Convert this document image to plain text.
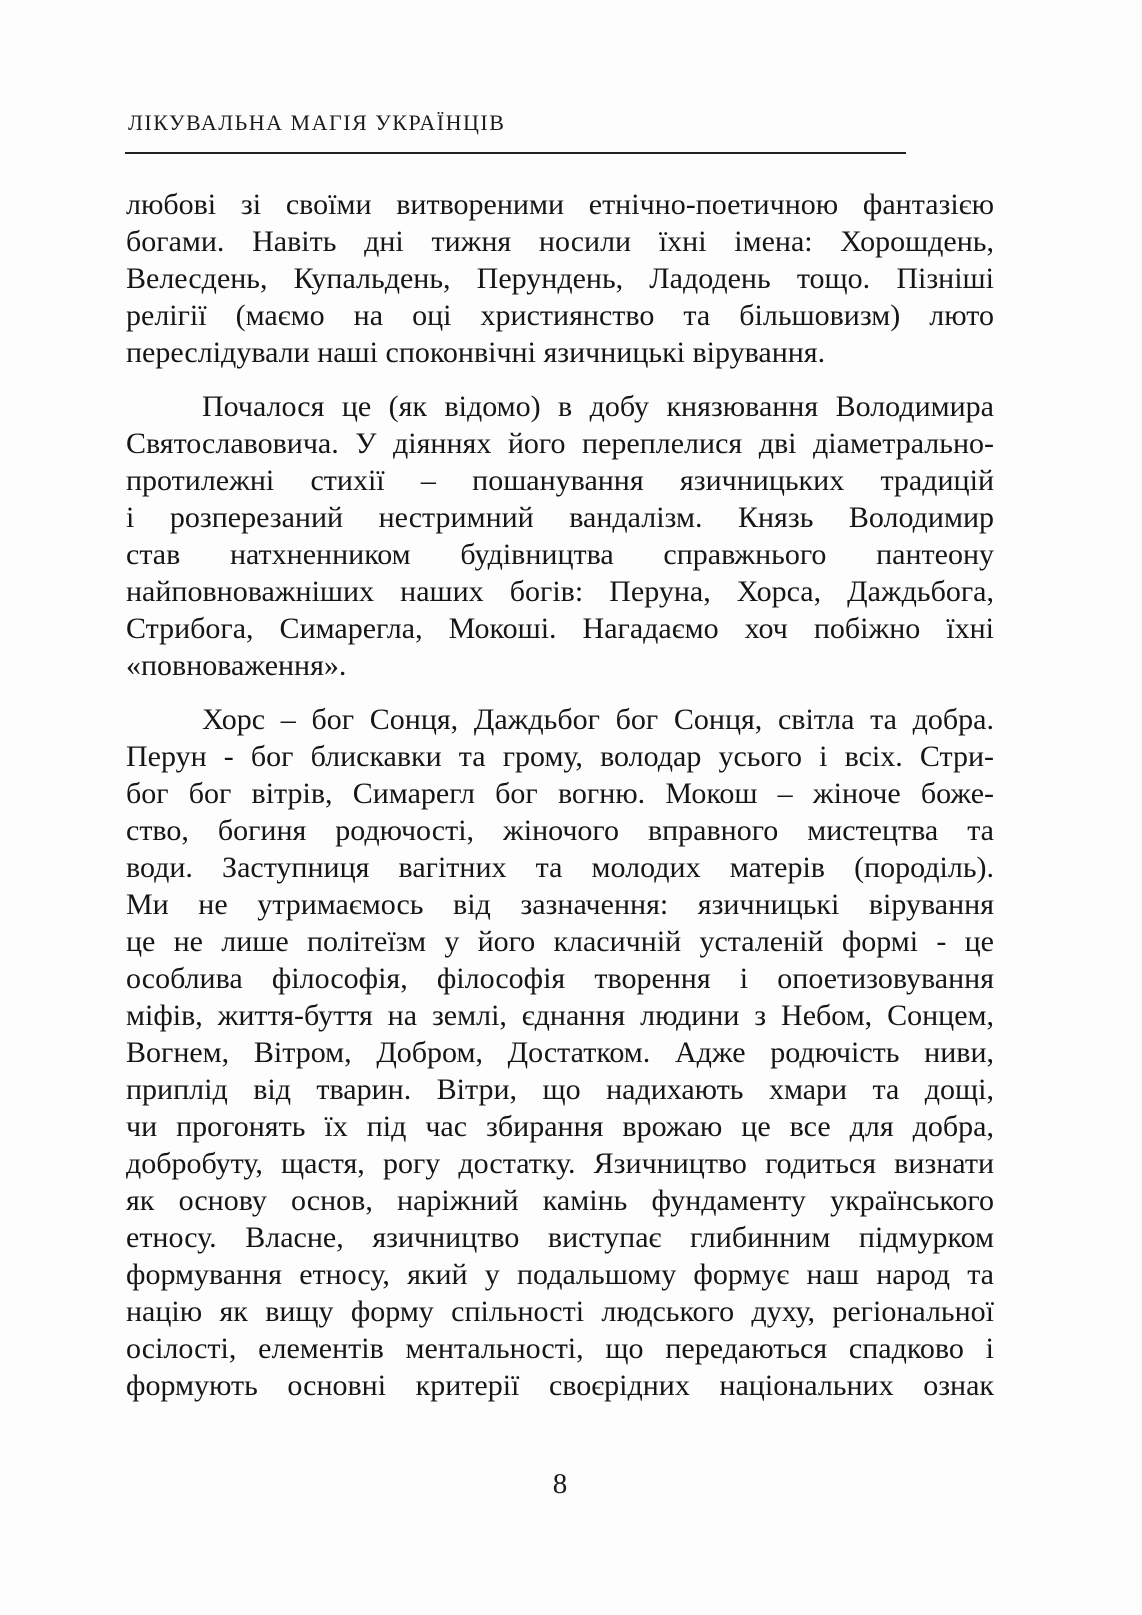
ЛІКУВАЛЬНА МАГІЯ УКРАЇНЦІВ
любові зі своїми витвореними етнічно-поетичною фантазією
богами. Навіть дні тижня носили їхні імена: Хорошдень,
Велесдень, Купальдень, Перундень, Ладодень тощо. Пізніші
релігії (маємо на оці християнство та більшовизм) люто
переслідували наші споконвічні язичницькі вірування.
Почалося це (як відомо) в добу князювання Володимира
Святославовича. У діяннях його переплелися дві діаметрально-
протилежні стихії – пошанування язичницьких традицій
і розперезаний нестримний вандалізм. Князь Володимир
став натхненником будівництва справжнього пантеону
найповноважніших наших богів: Перуна, Хорса, Даждьбога,
Стрибога, Симарегла, Мокоші. Нагадаємо хоч побіжно їхні
«повноваження».
Хорс – бог Сонця, Даждьбог бог Сонця, світла та добра.
Перун - бог блискавки та грому, володар усього і всіх. Стри-
бог бог вітрів, Симарегл бог вогню. Мокош – жіноче боже-
ство, богиня родючості, жіночого вправного мистецтва та
води. Заступниця вагітних та молодих матерів (породіль).
Ми не утримаємось від зазначення: язичницькі вірування
це не лише політеїзм у його класичній усталеній формі - це
особлива філософія, філософія творення і опоетизовування
міфів, життя-буття на землі, єднання людини з Небом, Сонцем,
Вогнем, Вітром, Добром, Достатком. Адже родючість ниви,
приплід від тварин. Вітри, що надихають хмари та дощі,
чи прогонять їх під час збирання врожаю це все для добра,
добробуту, щастя, рогу достатку. Язичництво годиться визнати
як основу основ, наріжний камінь фундаменту українського
етносу. Власне, язичництво виступає глибинним підмурком
формування етносу, який у подальшому формує наш народ та
націю як вищу форму спільності людського духу, регіональної
осілості, елементів ментальності, що передаються спадково і
формують основні критерії своєрідних національних ознак
8
